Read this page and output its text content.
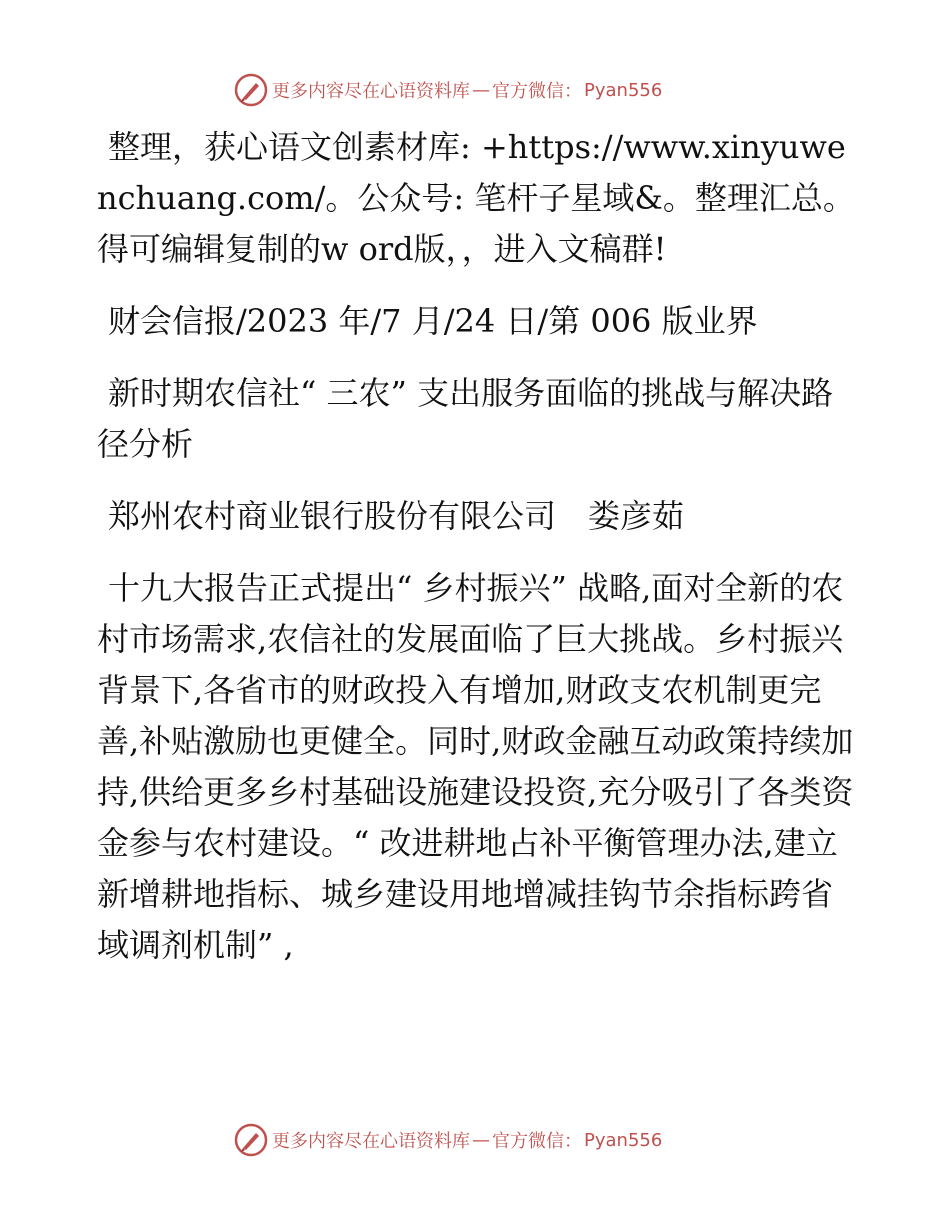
更多内容尽在心语资料库 — 官方微信： Pyan556

整理，获心语文创素材库: +https://www.xinyuwenchuang.com/。公众号: 笔杆子星域&。整理汇总。得可编辑复制的w ord版，，进入文稿群!

财会信报/2023 年/7 月/24 日/第 006 版业界

新时期农信社“ 三农” 支出服务面临的挑战与解决路径分析

郑州农村商业银行股份有限公司　娄彦茹

十九大报告正式提出“ 乡村振兴” 战略,面对全新的农村市场需求,农信社的发展面临了巨大挑战。乡村振兴背景下,各省市的财政投入有增加,财政支农机制更完善,补贴激励也更健全。同时,财政金融互动政策持续加持,供给更多乡村基础设施建设投资,充分吸引了各类资金参与农村建设。“ 改进耕地占补平衡管理办法,建立新增耕地指标、城乡建设用地增减挂钩节余指标跨省域调剂机制” ,

更多内容尽在心语资料库 — 官方微信： Pyan556
